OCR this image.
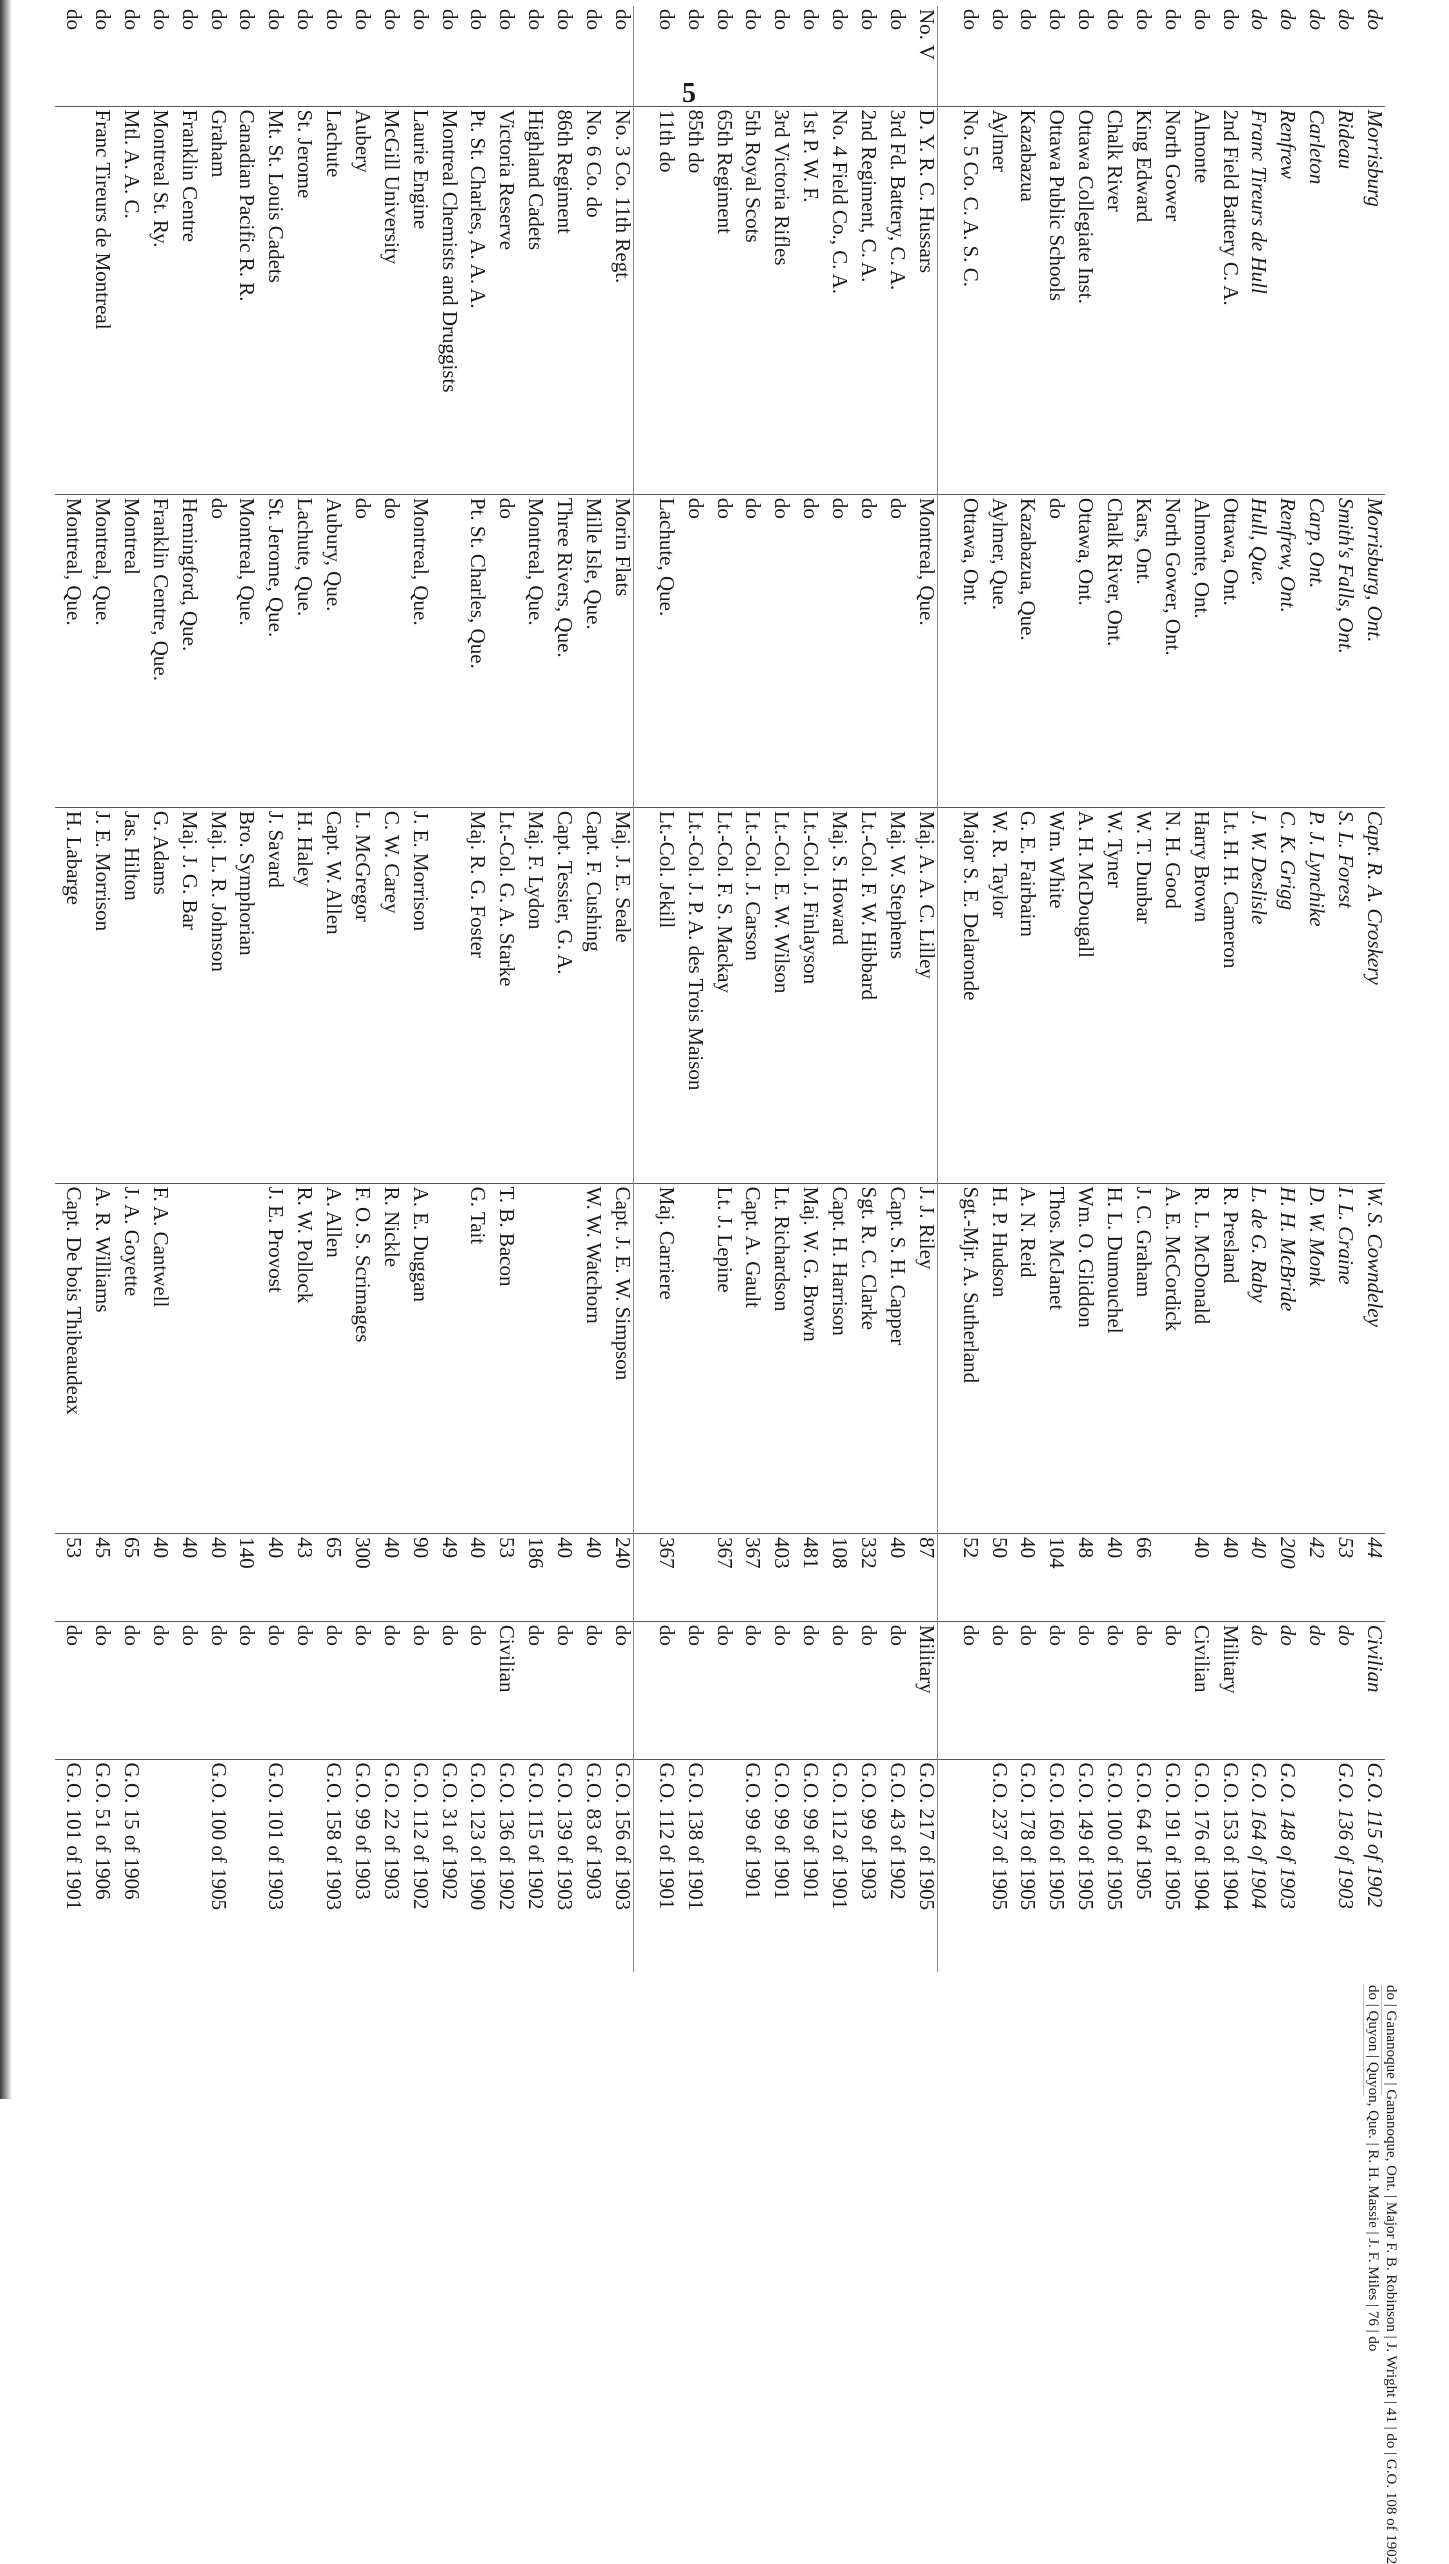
5
do | Gananoque | Gananoque, Ont. | Major F. B. Robinson | J. Wright | 41 | do | G.O. 108 of 1902
do | Quyon | Quyon, Que. | R. H. Massie | J. F. Miles | 76 | do
do	Morrisburg	Morrisburg, Ont.	Capt. R. A. Croskery	W. S. Cowndeley	44	Civilian	G.O. 115 of 1902
do	Rideau	Smith's Falls, Ont.	S. L. Forest	I. L. Craine	53	do	G.O. 136 of 1903
do	Carleton	Carp, Ont.	P. J. Lynchike	D. W. Monk	42	do	
do	Renfrew	Renfrew, Ont.	C. K. Grigg	H. H. McBride	200	do	G.O. 148 of 1903
do	Franc Tireurs de Hull	Hull, Que.	J. W. Deslisle	L. de G. Raby	40	do	G.O. 164 of 1904
do	2nd Field Battery C. A.	Ottawa, Ont.	Lt. H. H. Cameron	R. Presland	40	Military	G.O. 153 of 1904
do	Almonte	Almonte, Ont.	Harry Brown	R. L. McDonald	40	Civilian	G.O. 176 of 1904
do	North Gower	North Gower, Ont.	N. H. Good	A. E. McCordick		do	G.O. 191 of 1905
do	King Edward	Kars, Ont.	W. T. Dunbar	J. C. Graham	66	do	G.O. 64 of 1905
do	Chalk River	Chalk River, Ont.	W. Tyner	H. L. Dumouchel	40	do	G.O. 100 of 1905
do	Ottawa Collegiate Inst.	Ottawa, Ont.	A. H. McDougall	Wm. O. Gliddon	48	do	G.O. 149 of 1905
do	Ottawa Public Schools	do	Wm. White	Thos. McJanet	104	do	G.O. 160 of 1905
do	Kazabazua	Kazabazua, Que.	G. E. Fairbairn	A. N. Reid	40	do	G.O. 178 of 1905
do	Aylmer	Aylmer, Que.	W. R. Taylor	H. P. Hudson	50	do	G.O. 237 of 1905
do	No. 5 Co. C. A. S. C.	Ottawa, Ont.	Major S. E. Delaronde	Sgt.-Mjr. A. Sutherland	52	do	
No. V	D. Y. R. C. Hussars	Montreal, Que.	Maj. A. A. C. Lilley	J. J. Riley	87	Military	G.O. 217 of 1905
do	3rd Fd. Battery, C. A.	do	Maj. W. Stephens	Capt. S. H. Capper	40	do	G.O. 43 of 1902
do	2nd Regiment, C. A.	do	Lt.-Col. F. W. Hibbard	Sgt. R. C. Clarke	332	do	G.O. 99 of 1903
do	No. 4 Field Co., C. A.	do	Maj. S. Howard	Capt. H. Harrison	108	do	G.O. 112 of 1901
do	1st P. W. F.	do	Lt.-Col. J. Finlayson	Maj. W. G. Brown	481	do	G.O. 99 of 1901
do	3rd Victoria Rifles	do	Lt.-Col. E. W. Wilson	Lt. Richardson	403	do	G.O. 99 of 1901
do	5th Royal Scots	do	Lt.-Col. J. Carson	Capt. A. Gault	367	do	G.O. 99 of 1901
do	65th Regiment	do	Lt.-Col. F. S. Mackay	Lt. J. Lepine	367	do	
do	85th do	do	Lt.-Col. J. P. A. des Trois Maison			do	G.O. 138 of 1901
do	11th do	Lachute, Que.	Lt.-Col. Jekill	Maj. Carriere	367	do	G.O. 112 of 1901
do	No. 3 Co. 11th Regt.	Morin Flats	Maj. J. E. Seale	Capt. J. E. W. Simpson	240	do	G.O. 156 of 1903
do	No. 6 Co. do	Mille Isle, Que.	Capt. F. Cushing	W. W. Watchorn	40	do	G.O. 83 of 1903
do	86th Regiment	Three Rivers, Que.	Capt. Tessier, G. A.		40	do	G.O. 139 of 1903
do	Highland Cadets	Montreal, Que.	Maj. F. Lydon		186	do	G.O. 115 of 1902
do	Victoria Reserve	do	Lt.-Col. G. A. Starke	T. B. Bacon	53	Civilian	G.O. 136 of 1902
do	Pt. St. Charles, A. A. A.	Pt. St. Charles, Que.	Maj. R. G. Foster	G. Tait	40	do	G.O. 123 of 1900
do	Montreal Chemists and Druggists				49	do	G.O. 31 of 1902
do	Laurie Engine	Montreal, Que.	J. E. Morrison	A. E. Duggan	90	do	G.O. 112 of 1902
do	McGill University	do	C. W. Carey	R. Nickle	40	do	G.O. 22 of 1903
do	Aubery	do	L. McGregor	F. O. S. Scrimages	300	do	G.O. 99 of 1903
do	Lachute	Aubury, Que.	Capt. W. Allen	A. Allen	65	do	G.O. 158 of 1903
do	St. Jerome	Lachute, Que.	H. Haley	R. W. Pollock	43	do	
do	Mt. St. Louis Cadets	St. Jerome, Que.	J. Savard	J. E. Provost	40	do	G.O. 101 of 1903
do	Canadian Pacific R. R.	Montreal, Que.	Bro. Symphorian		140	do	
do	Graham	do	Maj. L. R. Johnson		40	do	G.O. 100 of 1905
do	Franklin Centre	Hemingford, Que.	Maj. J. G. Bar		40	do	
do	Montreal St. Ry.	Franklin Centre, Que.	G. Adams	F. A. Cantwell	40	do	
do	Mtl. A. A. C.	Montreal	Jas. Hilton	J. A. Goyette	65	do	G.O. 15 of 1906
do	Franc Tireurs de Montreal	Montreal, Que.	J. E. Morrison	A. R. Williams	45	do	G.O. 51 of 1906
do		Montreal, Que.	H. Labarge	Capt. De bois Thibeaudeax	53	do	G.O. 101 of 1901
